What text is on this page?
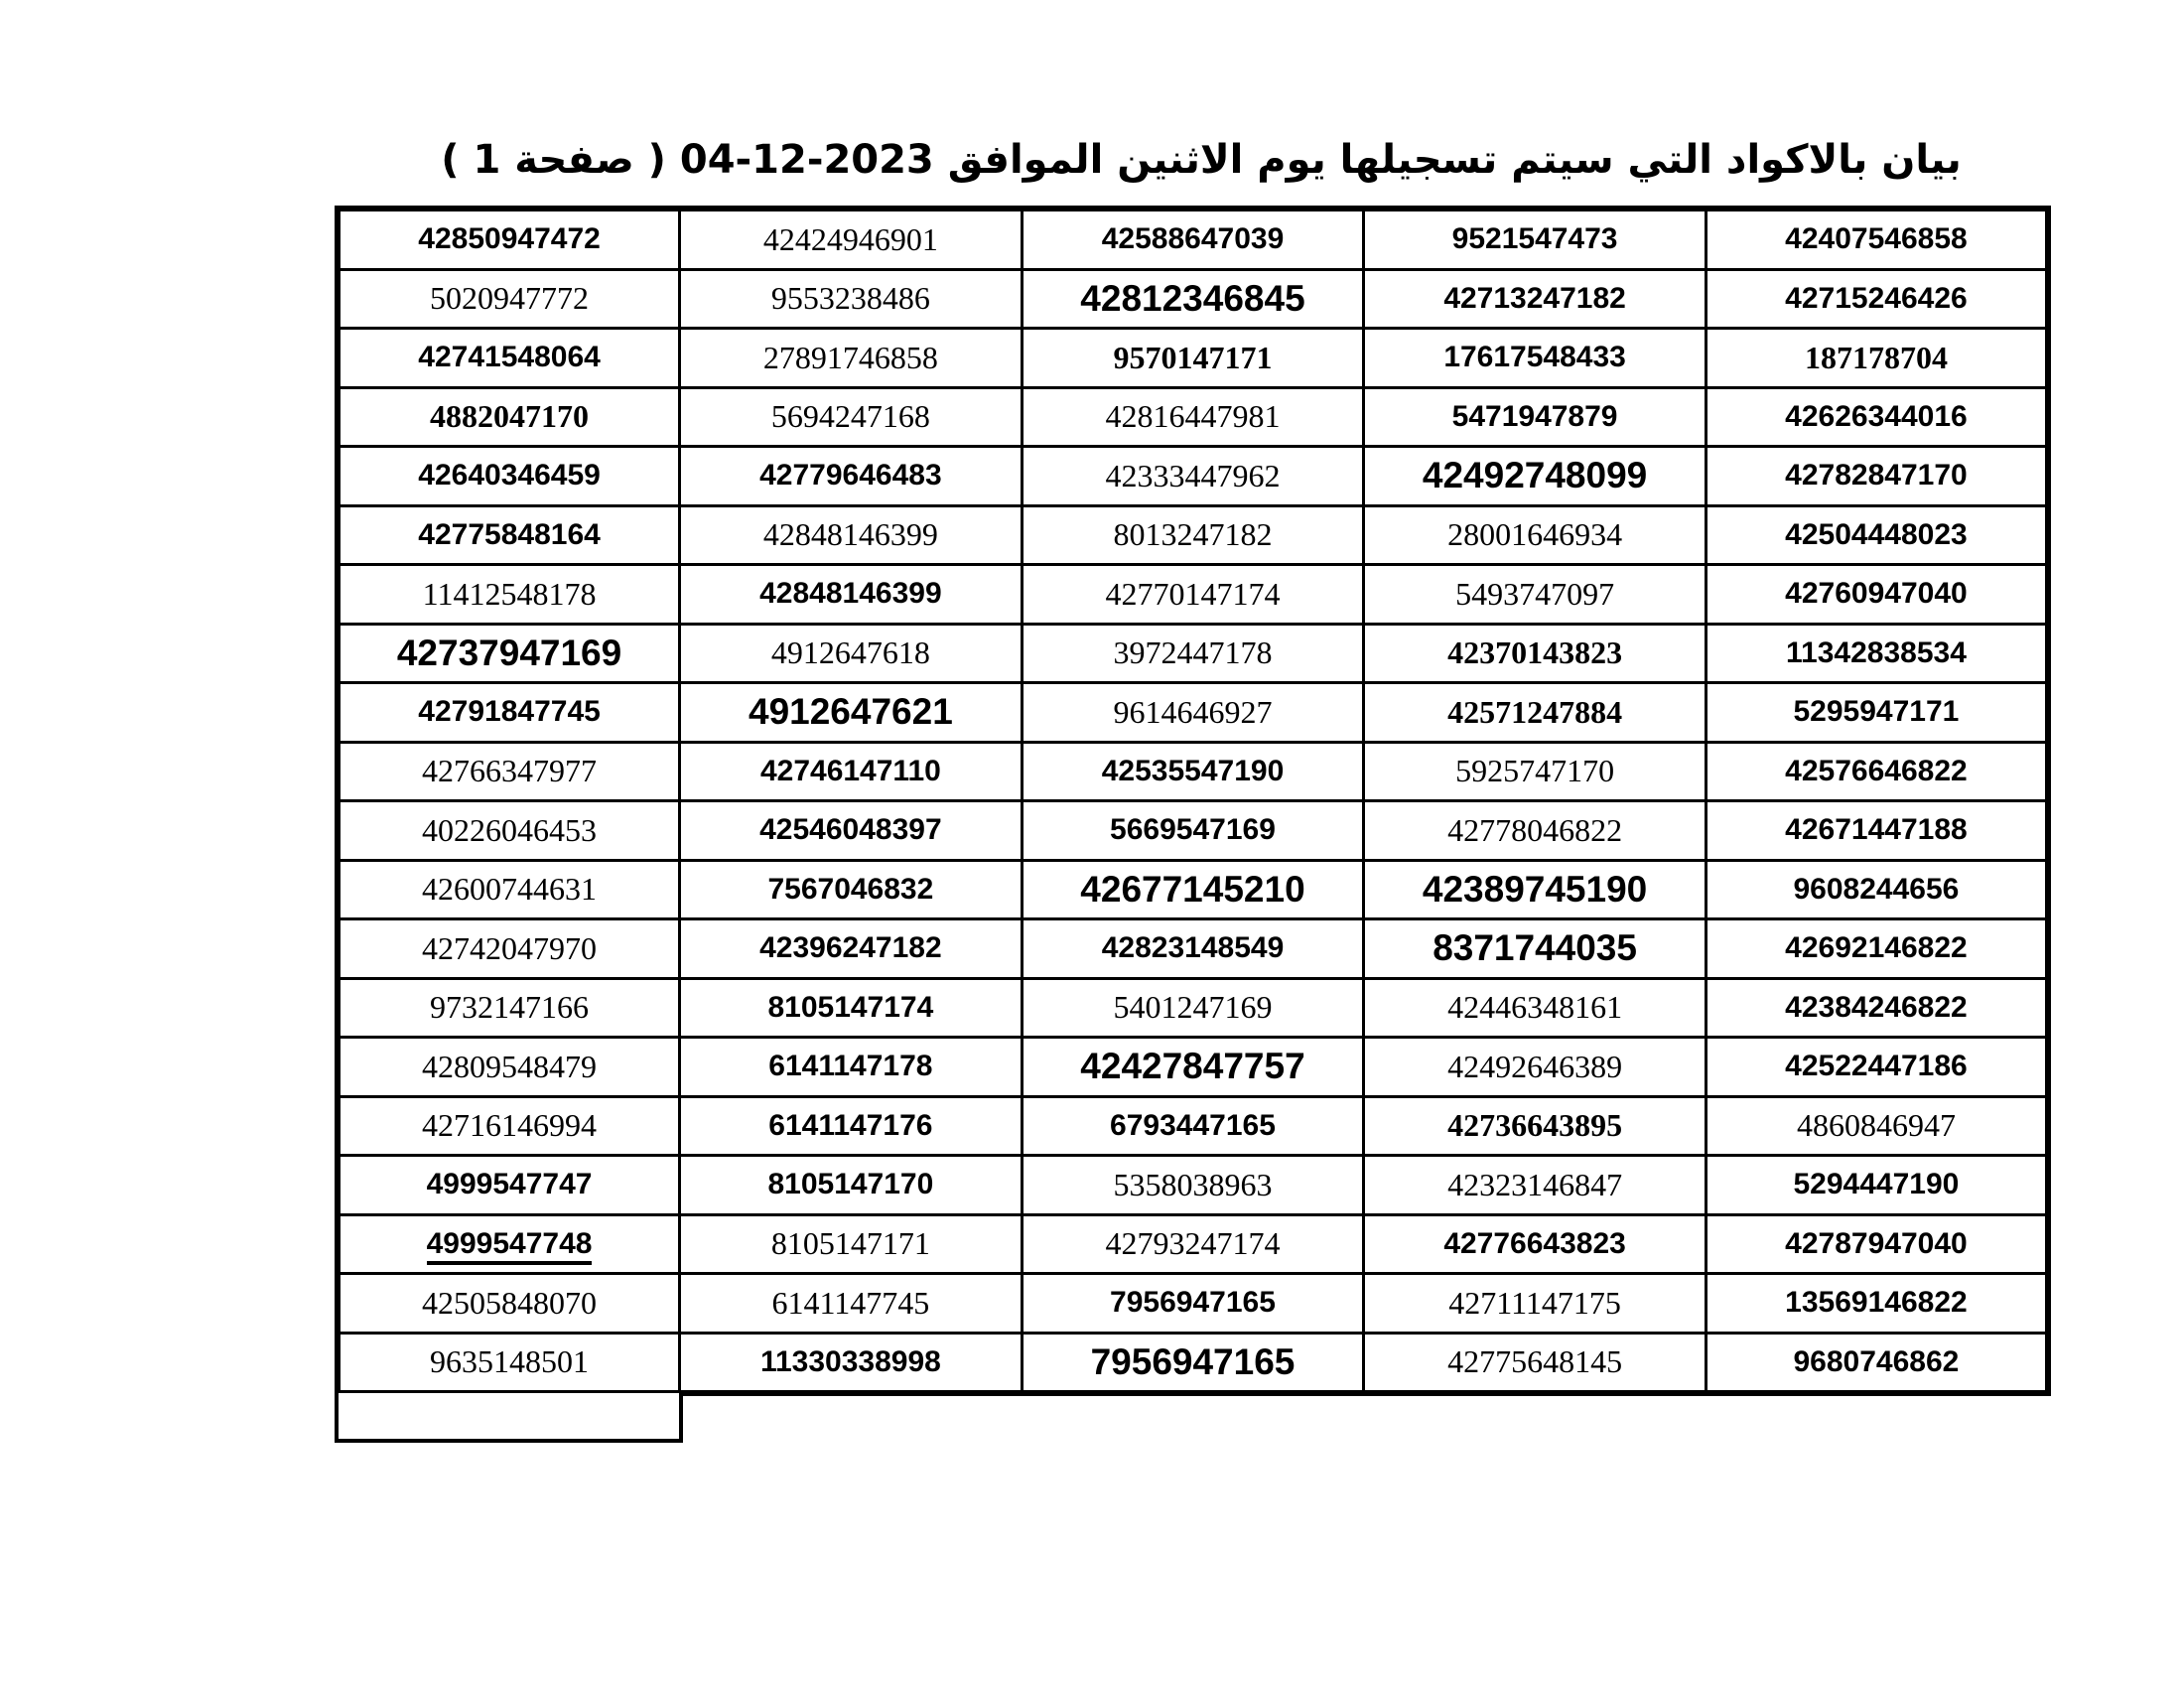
بيان بالاكواد التي سيتم تسجيلها يوم الاثنين الموافق 2023-12-04 ( صفحة 1 )
42850947472	42424946901	42588647039	9521547473	42407546858
5020947772	9553238486	42812346845	42713247182	42715246426
42741548064	27891746858	9570147171	17617548433	187178704
4882047170	5694247168	42816447981	5471947879	42626344016
42640346459	42779646483	42333447962	42492748099	42782847170
42775848164	42848146399	8013247182	28001646934	42504448023
11412548178	42848146399	42770147174	5493747097	42760947040
42737947169	4912647618	3972447178	42370143823	11342838534
42791847745	4912647621	9614646927	42571247884	5295947171
42766347977	42746147110	42535547190	5925747170	42576646822
40226046453	42546048397	5669547169	42778046822	42671447188
42600744631	7567046832	42677145210	42389745190	9608244656
42742047970	42396247182	42823148549	8371744035	42692146822
9732147166	8105147174	5401247169	42446348161	42384246822
42809548479	6141147178	42427847757	42492646389	42522447186
42716146994	6141147176	6793447165	42736643895	4860846947
4999547747	8105147170	5358038963	42323146847	5294447190
4999547748	8105147171	42793247174	42776643823	42787947040
42505848070	6141147745	7956947165	42711147175	13569146822
9635148501	11330338998	7956947165	42775648145	9680746862
